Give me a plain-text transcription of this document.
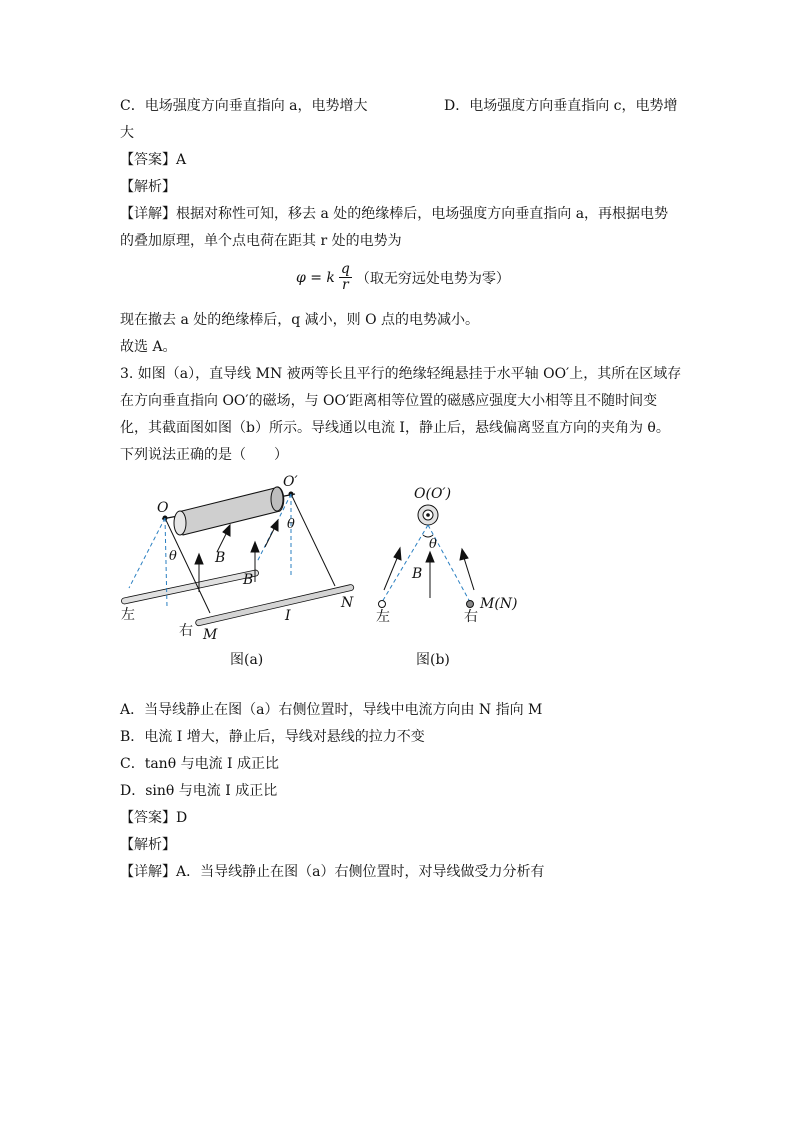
C．电场强度方向垂直指向 a，电势增大	D．电场强度方向垂直指向 c，电势增
大
【答案】A
【解析】
【详解】根据对称性可知，移去 a 处的绝缘棒后，电场强度方向垂直指向 a，再根据电势
的叠加原理，单个点电荷在距其 r 处的电势为
φ = k $\frac{q}{r}$ （取无穷远处电势为零）
现在撤去 a 处的绝缘棒后，q 减小，则 O 点的电势减小。
故选 A。
3. 如图（a），直导线 MN 被两等长且平行的绝缘轻绳悬挂于水平轴 OO′上，其所在区域存
在方向垂直指向 OO′的磁场，与 OO′距离相等位置的磁感应强度大小相等且不随时间变
化，其截面图如图（b）所示。导线通以电流 I，静止后，悬线偏离竖直方向的夹角为 θ。
下列说法正确的是（　　）
O
O′
θ
θ
B
B
左
右 M
N
I
图(a)
O(O′)
θ
B
左	右
M(N)
图(b)
A．当导线静止在图（a）右侧位置时，导线中电流方向由 N 指向 M
B．电流 I 增大，静止后，导线对悬线的拉力不变
C．tanθ 与电流 I 成正比
D．sinθ 与电流 I 成正比
【答案】D
【解析】
【详解】A．当导线静止在图（a）右侧位置时，对导线做受力分析有
